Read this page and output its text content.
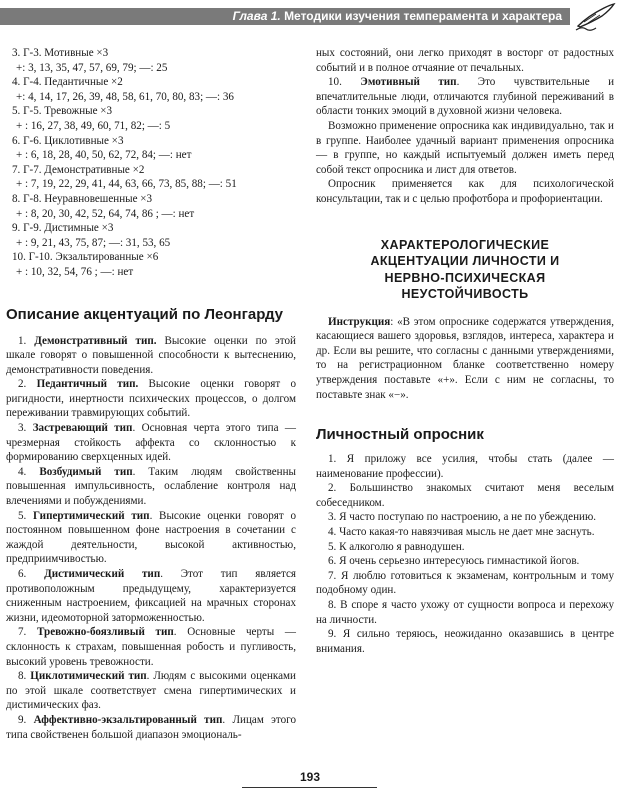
Глава 1. Методики изучения темперамента и характера

3. Г-3. Мотивные ×3

+: 3, 13, 35, 47, 57, 69, 79; —: 25

4. Г-4. Педантичные ×2

+: 4, 14, 17, 26, 39, 48, 58, 61, 70, 80, 83; —: 36

5. Г-5. Тревожные ×3

+ : 16, 27, 38, 49, 60, 71, 82; —: 5

6. Г-6. Циклотивные ×3

+ : 6, 18, 28, 40, 50, 62, 72, 84; —: нет

7. Г-7. Демонстративные ×2

+ : 7, 19, 22, 29, 41, 44, 63, 66, 73, 85, 88; —: 51

8. Г-8. Неуравновешенные ×3

+ : 8, 20, 30, 42, 52, 64, 74, 86 ; —: нет

9. Г-9. Дистимные ×3

+ : 9, 21, 43, 75, 87; —: 31, 53, 65

10. Г-10. Экзальтированные ×6

+ : 10, 32, 54, 76 ; —: нет

Описание акцентуаций по Леонгарду

1. Демонстративный тип. Высокие оценки по этой шкале говорят о повышенной способности к вытеснению, демонстративности поведения.

2. Педантичный тип. Высокие оценки говорят о ригидности, инертности психических процессов, о долгом переживании травмирующих событий.

3. Застревающий тип. Основная черта этого типа — чрезмерная стойкость аффекта со склонностью к формированию сверхценных идей.

4. Возбудимый тип. Таким людям свойственны повышенная импульсивность, ослабление контроля над влечениями и побуждениями.

5. Гипертимический тип. Высокие оценки говорят о постоянном повышенном фоне настроения в сочетании с жаждой деятельности, высокой активностью, предприимчивостью.

6. Дистимический тип. Этот тип является противоположным предыдущему, характеризуется сниженным настроением, фиксацией на мрачных сторонах жизни, идеомоторной заторможенностью.

7. Тревожно-боязливый тип. Основные черты — склонность к страхам, повышенная робость и пугливость, высокий уровень тревожности.

8. Циклотимический тип. Людям с высокими оценками по этой шкале соответствует смена гипертимических и дистимических фаз.

9. Аффективно-экзальтированный тип. Лицам этого типа свойственен большой диапазон эмоциональ-

ных состояний, они легко приходят в восторг от радостных событий и в полное отчаяние от печальных.

10. Эмотивный тип. Это чувствительные и впечатлительные люди, отличаются глубиной переживаний в области тонких эмоций в духовной жизни человека.

Возможно применение опросника как индивидуально, так и в группе. Наиболее удачный вариант применения опросника — в группе, но каждый испытуемый должен иметь перед собой текст опросника и лист для ответов.

Опросник применяется как для психологической консультации, так и с целью профотбора и профориентации.

ХАРАКТЕРОЛОГИЧЕСКИЕ АКЦЕНТУАЦИИ ЛИЧНОСТИ И НЕРВНО-ПСИХИЧЕСКАЯ НЕУСТОЙЧИВОСТЬ

Инструкция: «В этом опроснике содержатся утверждения, касающиеся вашего здоровья, взглядов, интереса, характера и др. Если вы решите, что согласны с данными утверждениями, то на регистрационном бланке соответственно номеру утверждения поставьте «+». Если с ним не согласны, то поставьте знак «−».

Личностный опросник

1. Я приложу все усилия, чтобы стать (далее — наименование профессии).

2. Большинство знакомых считают меня веселым собеседником.

3. Я часто поступаю по настроению, а не по убеждению.

4. Часто какая-то навязчивая мысль не дает мне заснуть.

5. К алкоголю я равнодушен.

6. Я очень серьезно интересуюсь гимнастикой йогов.

7. Я люблю готовиться к экзаменам, контрольным и тому подобному один.

8. В споре я часто ухожу от сущности вопроса и перехожу на личности.

9. Я сильно теряюсь, неожиданно оказавшись в центре внимания.

193
